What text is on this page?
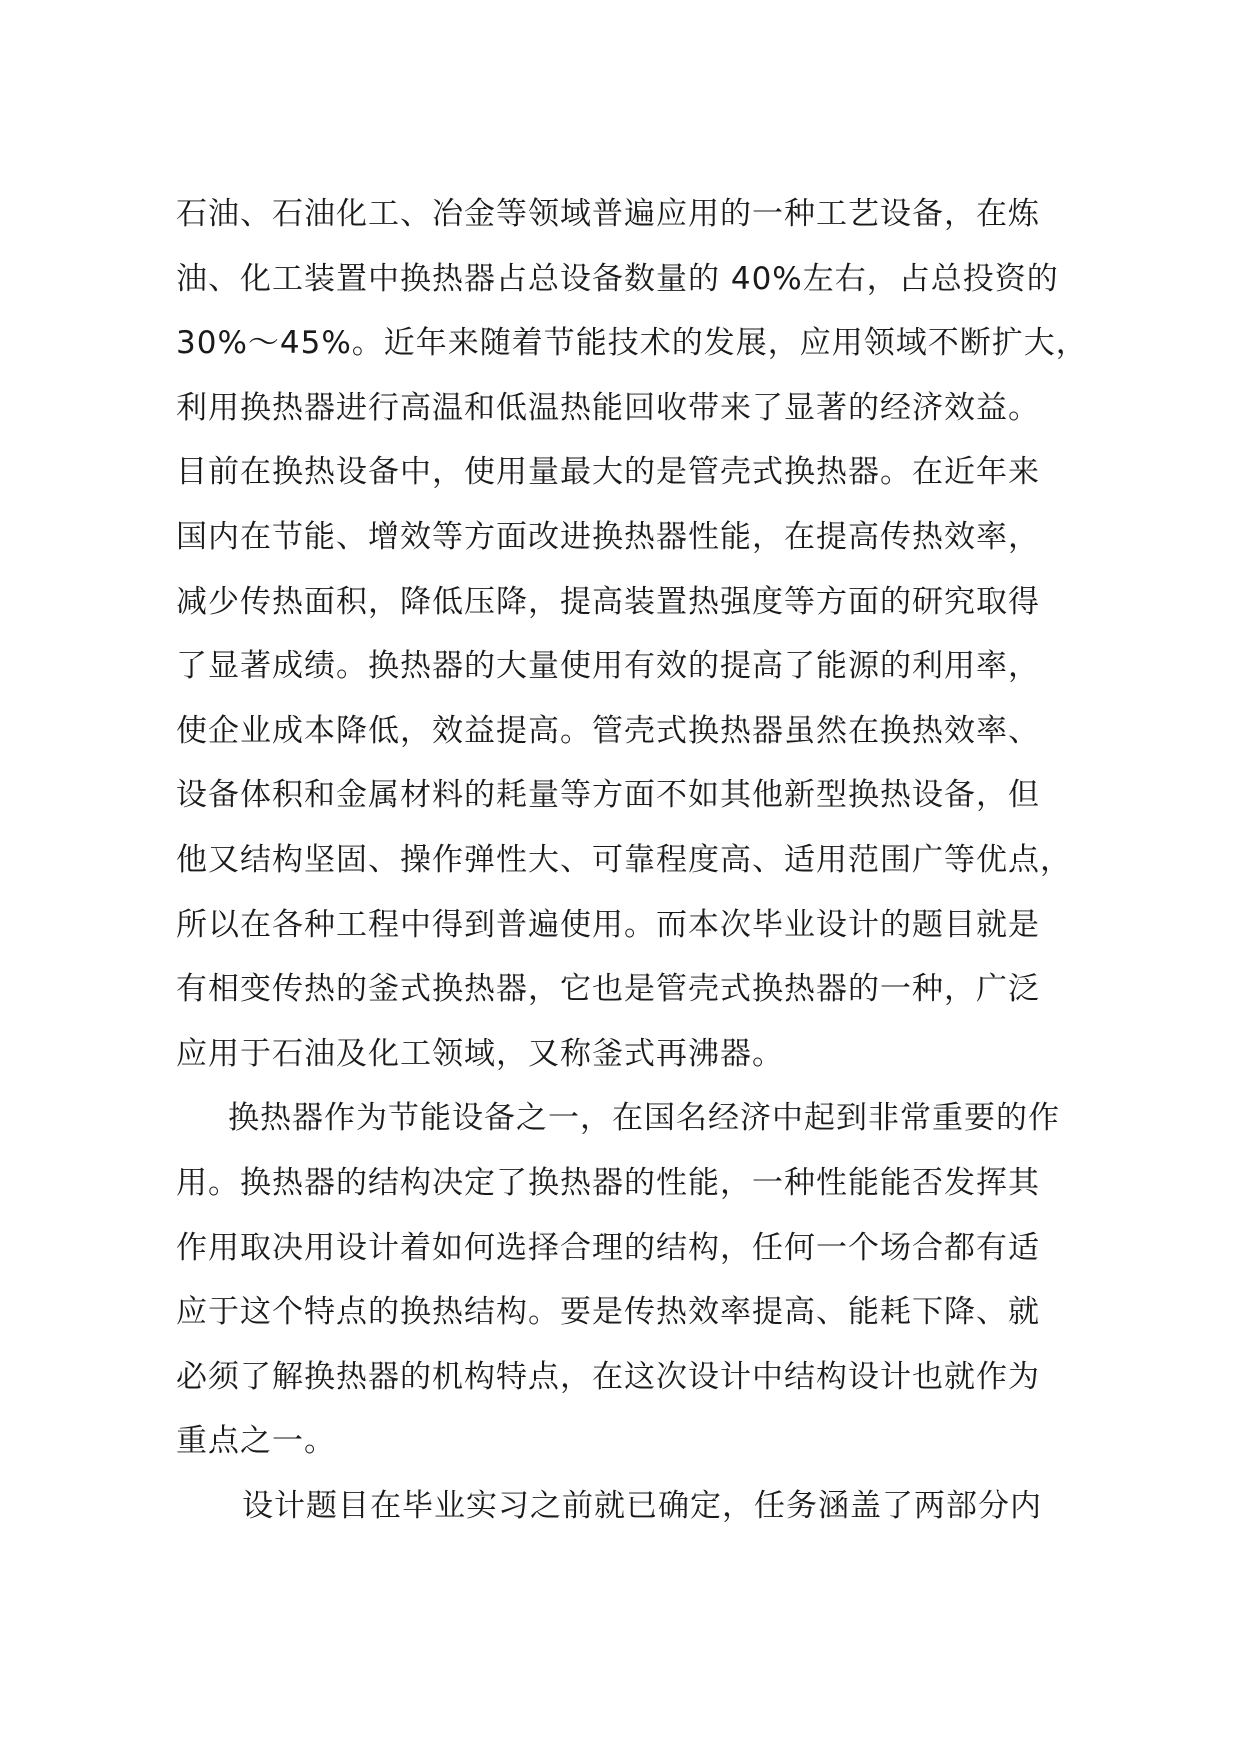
石油、石油化工、冶金等领域普遍应用的一种工艺设备，在炼
油、化工装置中换热器占总设备数量的 40%左右，占总投资的
30%～45%。近年来随着节能技术的发展，应用领域不断扩大，
利用换热器进行高温和低温热能回收带来了显著的经济效益。
目前在换热设备中，使用量最大的是管壳式换热器。在近年来
国内在节能、增效等方面改进换热器性能，在提高传热效率，
减少传热面积，降低压降，提高装置热强度等方面的研究取得
了显著成绩。换热器的大量使用有效的提高了能源的利用率，
使企业成本降低，效益提高。管壳式换热器虽然在换热效率、
设备体积和金属材料的耗量等方面不如其他新型换热设备，但
他又结构坚固、操作弹性大、可靠程度高、适用范围广等优点，
所以在各种工程中得到普遍使用。而本次毕业设计的题目就是
有相变传热的釜式换热器，它也是管壳式换热器的一种，广泛
应用于石油及化工领域，又称釜式再沸器。
换热器作为节能设备之一，在国名经济中起到非常重要的作
用。换热器的结构决定了换热器的性能，一种性能能否发挥其
作用取决用设计着如何选择合理的结构，任何一个场合都有适
应于这个特点的换热结构。要是传热效率提高、能耗下降、就
必须了解换热器的机构特点，在这次设计中结构设计也就作为
重点之一。
设计题目在毕业实习之前就已确定，任务涵盖了两部分内
